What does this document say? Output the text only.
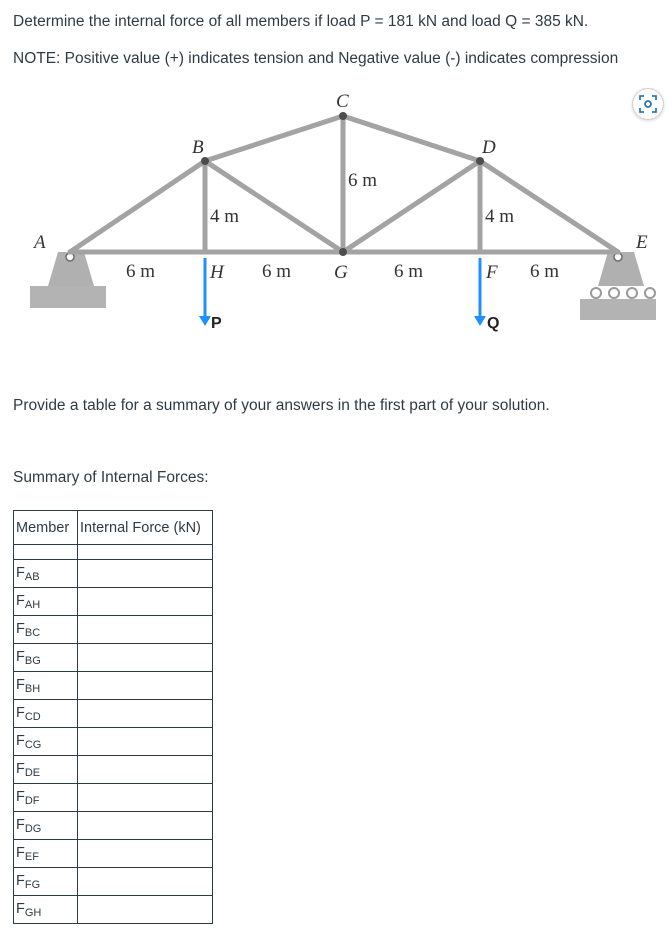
Determine the internal force of all members if load P = 181 kN and load Q = 385 kN.
NOTE: Positive value (+) indicates tension and Negative value (-) indicates compression
A
B
C
D
E
F
G
H
6 m	6 m	6 m	6 m
4 m
6 m
4 m
P	Q
Provide a table for a summary of your answers in the first part of your solution.
Summary of Internal Forces:
Member	Internal Force (kN)

$F_{AB}$	
$F_{AH}$	
$F_{BC}$	
$F_{BG}$	
$F_{BH}$	
$F_{CD}$	
$F_{CG}$	
$F_{DE}$	
$F_{DF}$	
$F_{DG}$	
$F_{EF}$	
$F_{FG}$	
$F_{GH}$	
